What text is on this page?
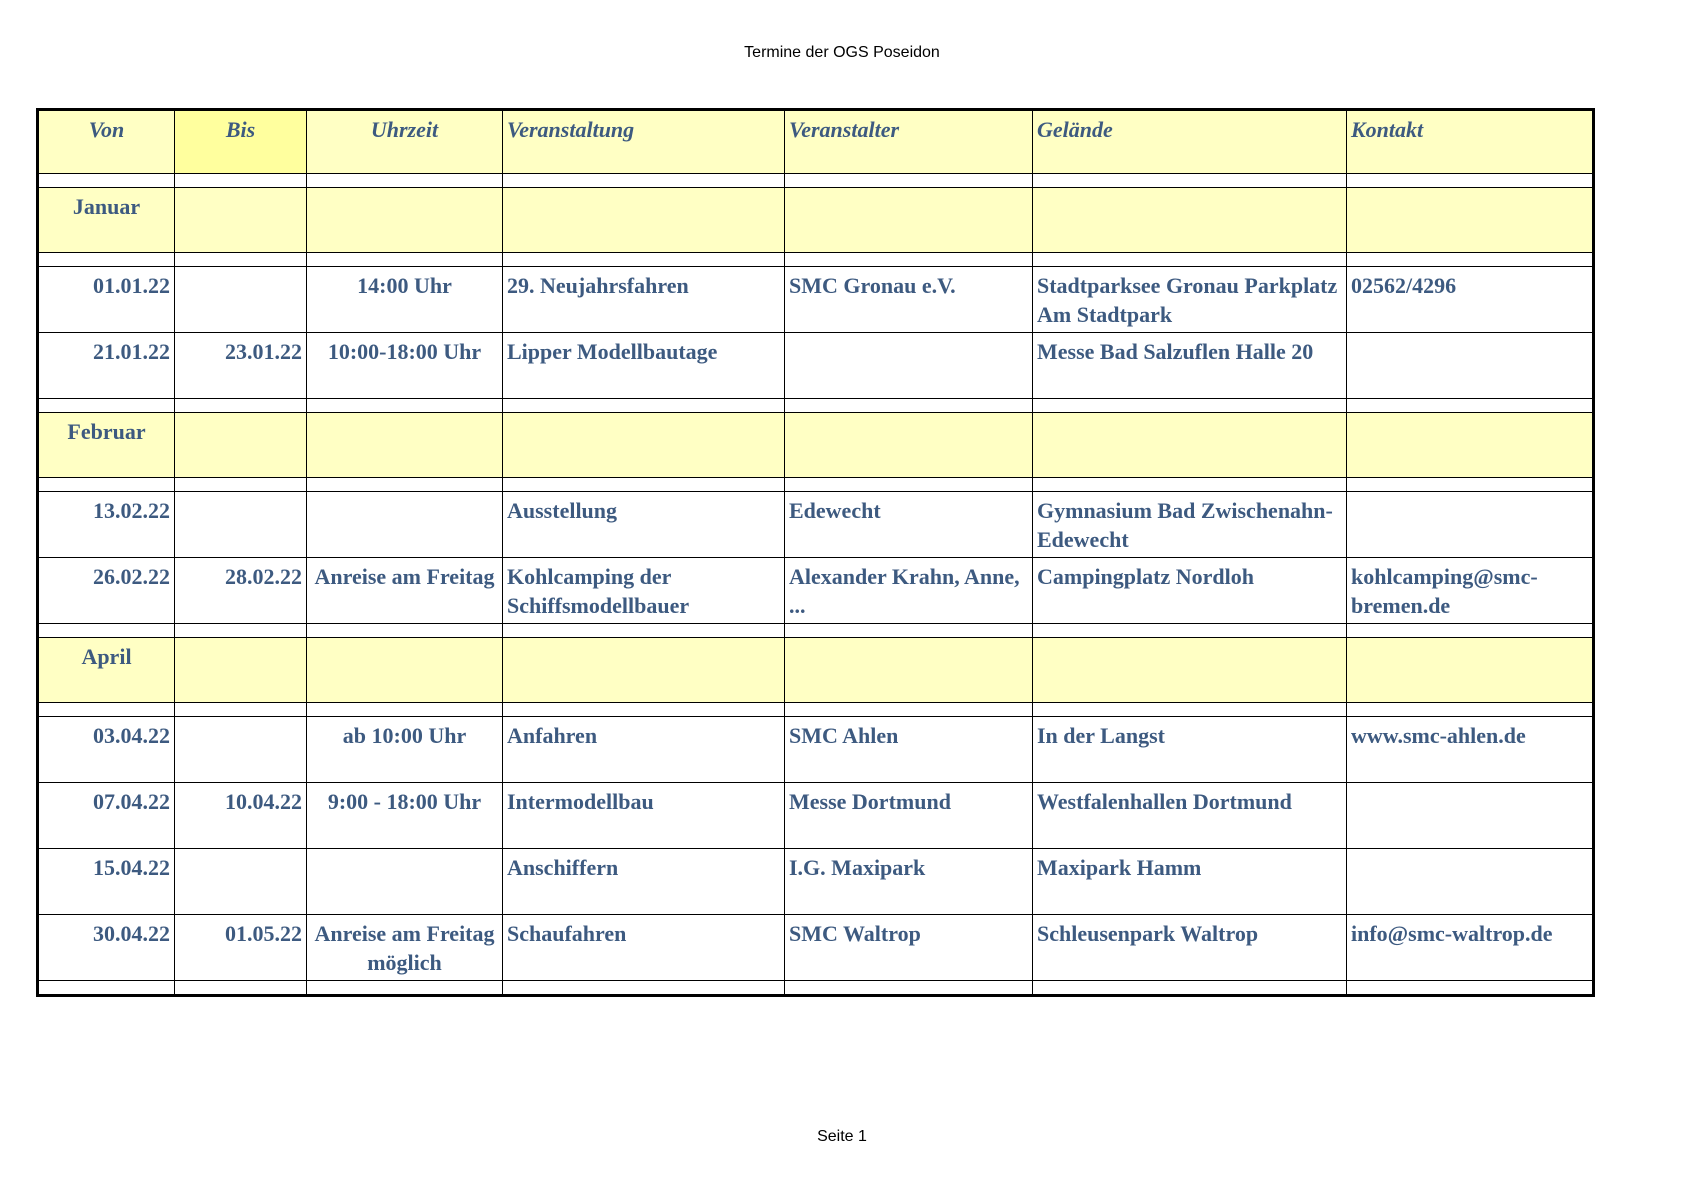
Termine der OGS Poseidon
Von	Bis	Uhrzeit	Veranstaltung	Veranstalter	Gelände	Kontakt

Januar						

01.01.22		14:00 Uhr	29. Neujahrsfahren	SMC Gronau e.V.	Stadtparksee Gronau Parkplatz Am Stadtpark	02562/4296
21.01.22	23.01.22	10:00-18:00 Uhr	Lipper Modellbautage		Messe Bad Salzuflen Halle 20	

Februar						

13.02.22			Ausstellung	Edewecht	Gymnasium Bad Zwischenahn-Edewecht	
26.02.22	28.02.22	Anreise am Freitag	Kohlcamping der Schiffsmodellbauer	Alexander Krahn, Anne, ...	Campingplatz Nordloh	kohlcamping@smc-bremen.de

April						

03.04.22		ab 10:00 Uhr	Anfahren	SMC Ahlen	In der Langst	www.smc-ahlen.de
07.04.22	10.04.22	9:00 - 18:00 Uhr	Intermodellbau	Messe Dortmund	Westfalenhallen Dortmund	
15.04.22			Anschiffern	I.G. Maxipark	Maxipark Hamm	
30.04.22	01.05.22	Anreise am Freitag möglich	Schaufahren	SMC Waltrop	Schleusenpark Waltrop	info@smc-waltrop.de

Seite 1
